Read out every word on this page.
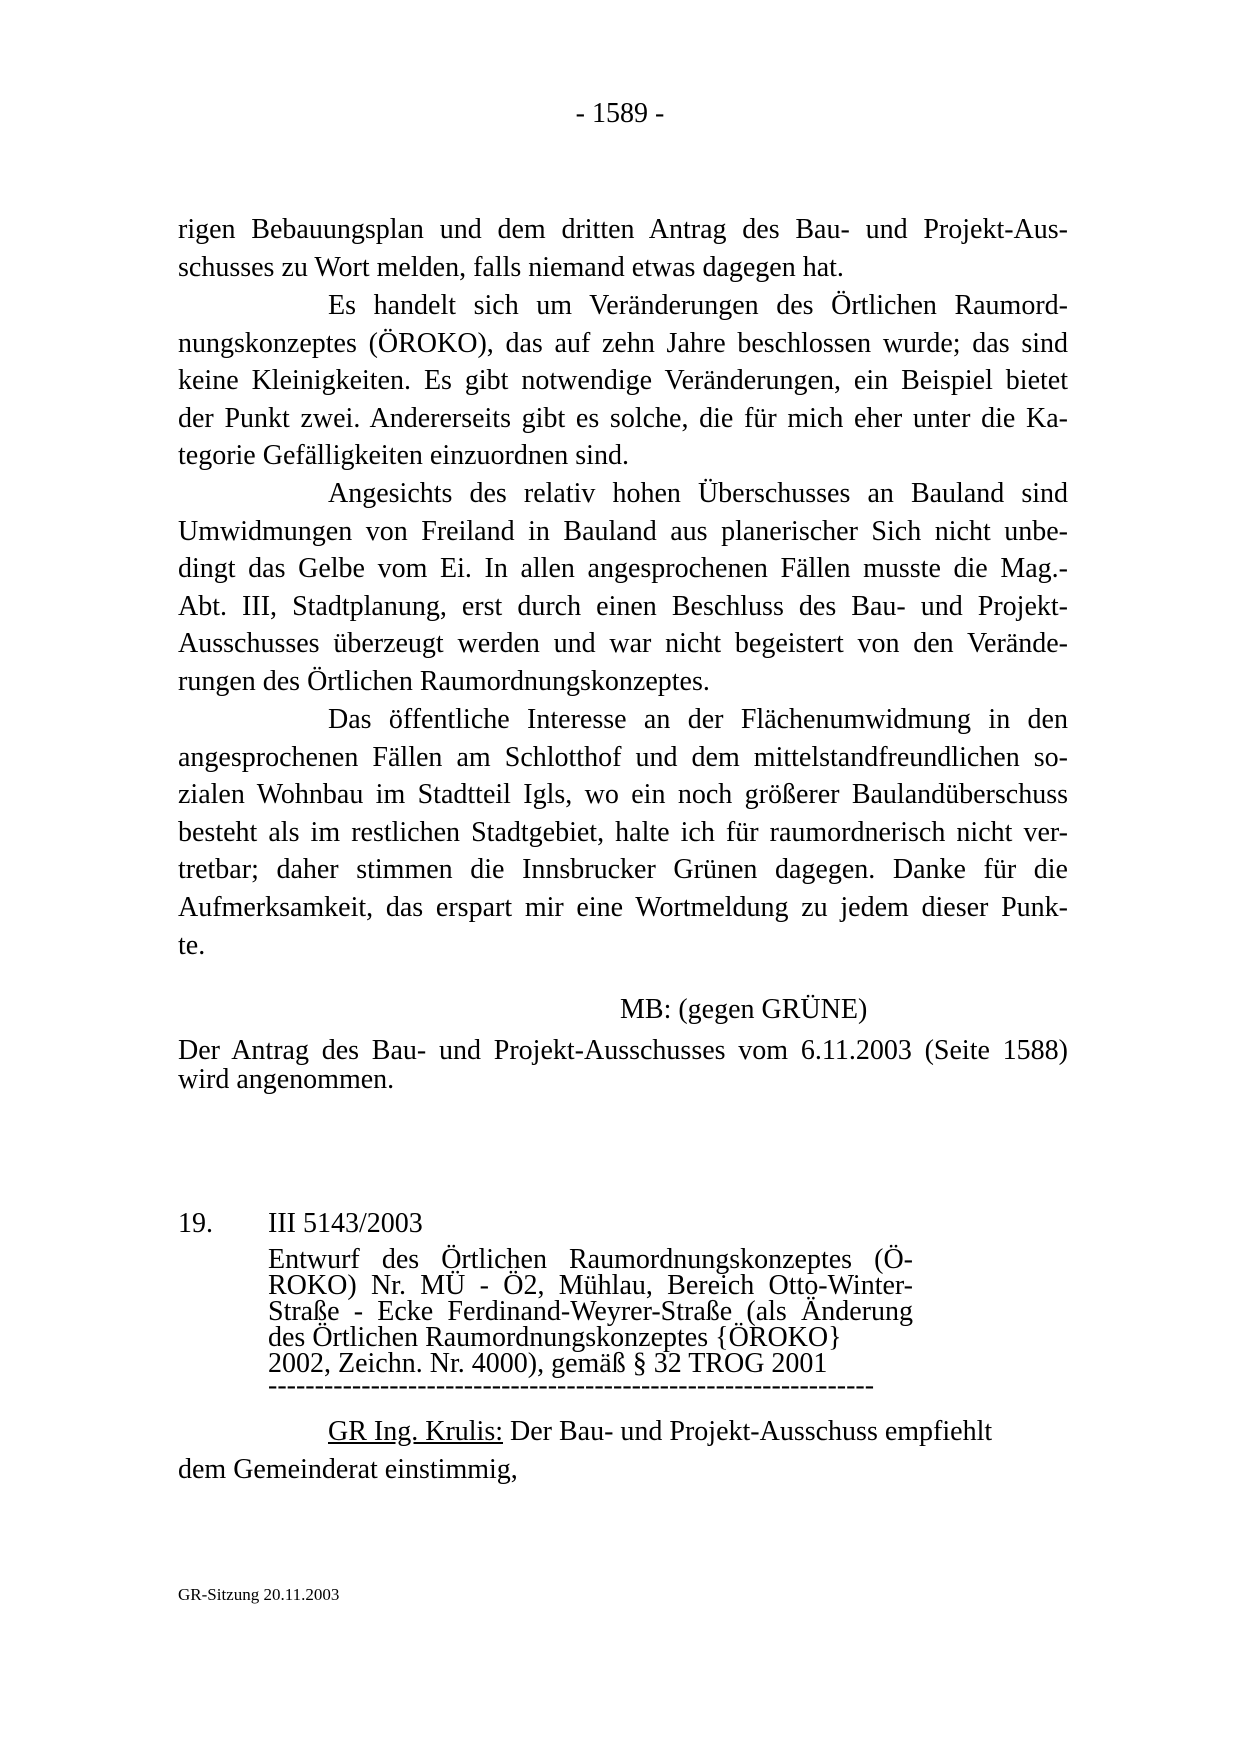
- 1589 -
rigen Bebauungsplan und dem dritten Antrag des Bau- und Projekt-Aus-
schusses zu Wort melden, falls niemand etwas dagegen hat.
Es handelt sich um Veränderungen des Örtlichen Raumord-
nungskonzeptes (ÖROKO), das auf zehn Jahre beschlossen wurde; das sind
keine Kleinigkeiten. Es gibt notwendige Veränderungen, ein Beispiel bietet
der Punkt zwei. Andererseits gibt es solche, die für mich eher unter die Ka-
tegorie Gefälligkeiten einzuordnen sind.
Angesichts des relativ hohen Überschusses an Bauland sind
Umwidmungen von Freiland in Bauland aus planerischer Sich nicht unbe-
dingt das Gelbe vom Ei. In allen angesprochenen Fällen musste die Mag.-
Abt. III, Stadtplanung, erst durch einen Beschluss des Bau- und Projekt-
Ausschusses überzeugt werden und war nicht begeistert von den Verände-
rungen des Örtlichen Raumordnungskonzeptes.
Das öffentliche Interesse an der Flächenumwidmung in den
angesprochenen Fällen am Schlotthof und dem mittelstandfreundlichen so-
zialen Wohnbau im Stadtteil Igls, wo ein noch größerer Baulandüberschuss
besteht als im restlichen Stadtgebiet, halte ich für raumordnerisch nicht ver-
tretbar; daher stimmen die Innsbrucker Grünen dagegen. Danke für die
Aufmerksamkeit, das erspart mir eine Wortmeldung zu jedem dieser Punk-
te.
MB: (gegen GRÜNE)
Der Antrag des Bau- und Projekt-Ausschusses vom 6.11.2003 (Seite 1588) wird angenommen.
19. III 5143/2003
Entwurf des Örtlichen Raumordnungskonzeptes (Ö-
ROKO) Nr. MÜ - Ö2, Mühlau, Bereich Otto-Winter-
Straße - Ecke Ferdinand-Weyrer-Straße (als Änderung
des Örtlichen Raumordnungskonzeptes {ÖROKO}
2002, Zeichn. Nr. 4000), gemäß § 32 TROG 2001
-----------------------------------------------------------------
GR Ing. Krulis: Der Bau- und Projekt-Ausschuss empfiehlt
dem Gemeinderat einstimmig,
GR-Sitzung 20.11.2003
